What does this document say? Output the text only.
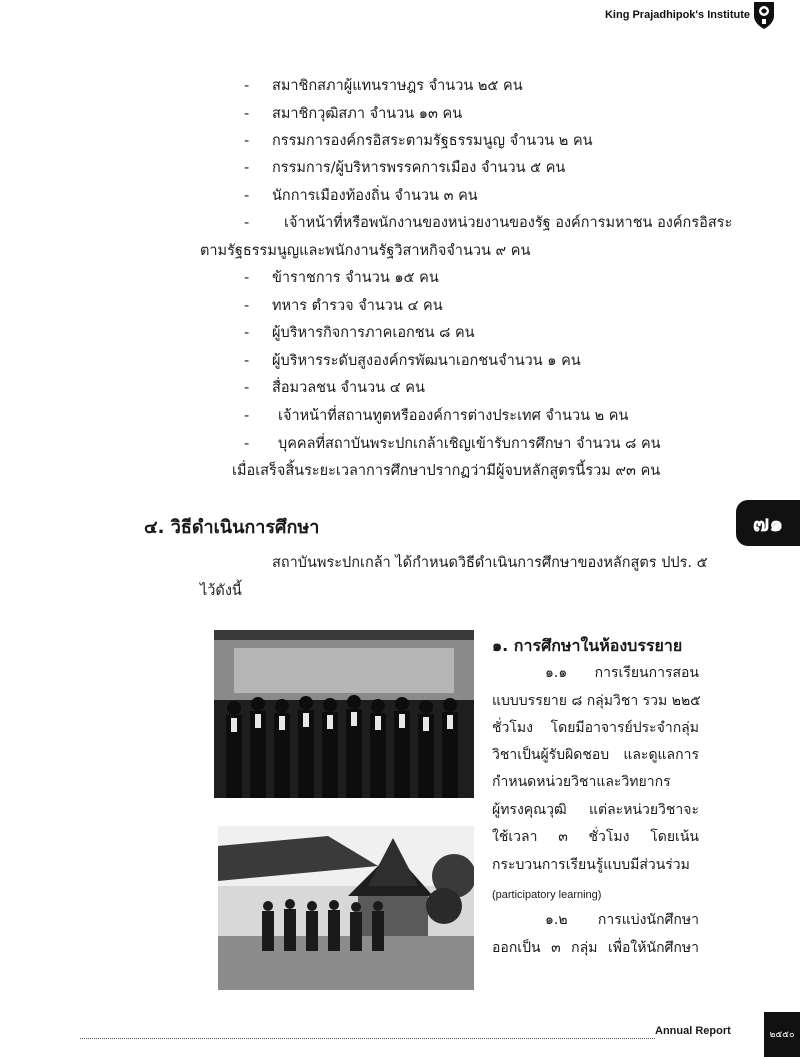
King Prajadhipok's Institute
- สมาชิกสภาผู้แทนราษฎร จำนวน ๒๕ คน
- สมาชิกวุฒิสภา จำนวน ๑๓ คน
- กรรมการองค์กรอิสระตามรัฐธรรมนูญ จำนวน ๒ คน
- กรรมการ/ผู้บริหารพรรคการเมือง จำนวน ๕ คน
- นักการเมืองท้องถิ่น จำนวน ๓ คน
- เจ้าหน้าที่หรือพนักงานของหน่วยงานของรัฐ องค์การมหาชน องค์กรอิสระ
ตามรัฐธรรมนูญและพนักงานรัฐวิสาหกิจจำนวน ๙ คน
- ข้าราชการ จำนวน ๑๕ คน
- ทหาร ตำรวจ จำนวน ๔ คน
- ผู้บริหารกิจการภาคเอกชน ๘ คน
- ผู้บริหารระดับสูงองค์กรพัฒนาเอกชนจำนวน ๑ คน
- สื่อมวลชน จำนวน ๔ คน
- เจ้าหน้าที่สถานทูตหรือองค์การต่างประเทศ จำนวน ๒ คน
- บุคคลที่สถาบันพระปกเกล้าเชิญเข้ารับการศึกษา จำนวน ๘ คน
เมื่อเสร็จสิ้นระยะเวลาการศึกษาปรากฏว่ามีผู้จบหลักสูตรนี้รวม ๙๓ คน
๔. วิธีดำเนินการศึกษา	๗๑
สถาบันพระปกเกล้า ได้กำหนดวิธีดำเนินการศึกษาของหลักสูตร ปปร. ๕
ไว้ดังนี้
๑. การศึกษาในห้องบรรยาย
๑.๑ การเรียนการสอน
แบบบรรยาย ๘ กลุ่มวิชา รวม ๒๒๕
ชั่วโมง โดยมีอาจารย์ประจำกลุ่ม
วิชาเป็นผู้รับผิดชอบ และดูแลการ
กำหนดหน่วยวิชาและวิทยากร
ผู้ทรงคุณวุฒิ แต่ละหน่วยวิชาจะ
ใช้เวลา ๓ ชั่วโมง โดยเน้น
กระบวนการเรียนรู้แบบมีส่วนร่วม
(participatory learning)
๑.๒ การแบ่งนักศึกษา
ออกเป็น ๓ กลุ่ม เพื่อให้นักศึกษา
Annual Report	๒๕๕๐
